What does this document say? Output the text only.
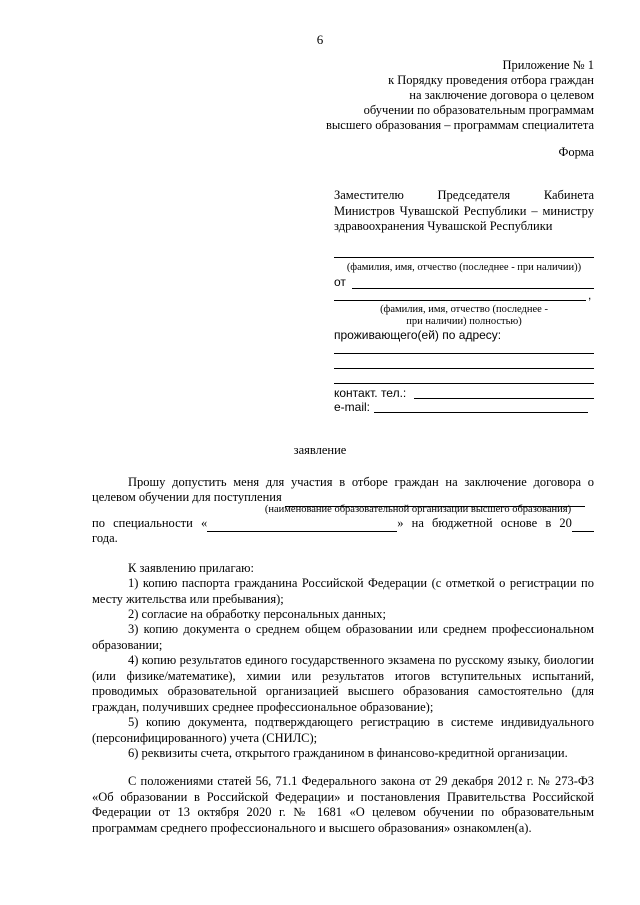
6
Приложение № 1
к Порядку проведения отбора граждан
на заключение договора о целевом
обучении по образовательным программам
высшего образования – программам специалитета
Форма
Заместителю Председателя Кабинета Министров Чувашской Республики – министру здравоохранения Чувашской Республики
(фамилия, имя, отчество (последнее - при наличии))
от
,
(фамилия, имя, отчество (последнее -
при наличии) полностью)
проживающего(ей) по адресу:
контакт. тел.:
e-mail:
заявление
Прошу допустить меня для участия в отборе граждан на заключение договора о
целевом обучении для поступления
(наименование образовательной организации высшего образования)
по специальности «	» на бюджетной основе в 20
года.
К заявлению прилагаю:
1) копию паспорта гражданина Российской Федерации (с отметкой о регистрации по месту жительства или пребывания);
2) согласие на обработку персональных данных;
3) копию документа о среднем общем образовании или среднем профессиональном образовании;
4) копию результатов единого государственного экзамена по русскому языку, биологии (или физике/математике), химии или результатов итогов вступительных испытаний, проводимых образовательной организацией высшего образования самостоятельно (для граждан, получивших среднее профессиональное образование);
5) копию документа, подтверждающего регистрацию в системе индивидуального (персонифицированного) учета (СНИЛС);
6) реквизиты счета, открытого гражданином в финансово-кредитной организации.
С положениями статей 56, 71.1 Федерального закона от 29 декабря 2012 г. № 273-ФЗ «Об образовании в Российской Федерации» и постановления Правительства Российской Федерации от 13 октября 2020 г. № 1681 «О целевом обучении по образовательным программам среднего профессионального и высшего образования» ознакомлен(а).
